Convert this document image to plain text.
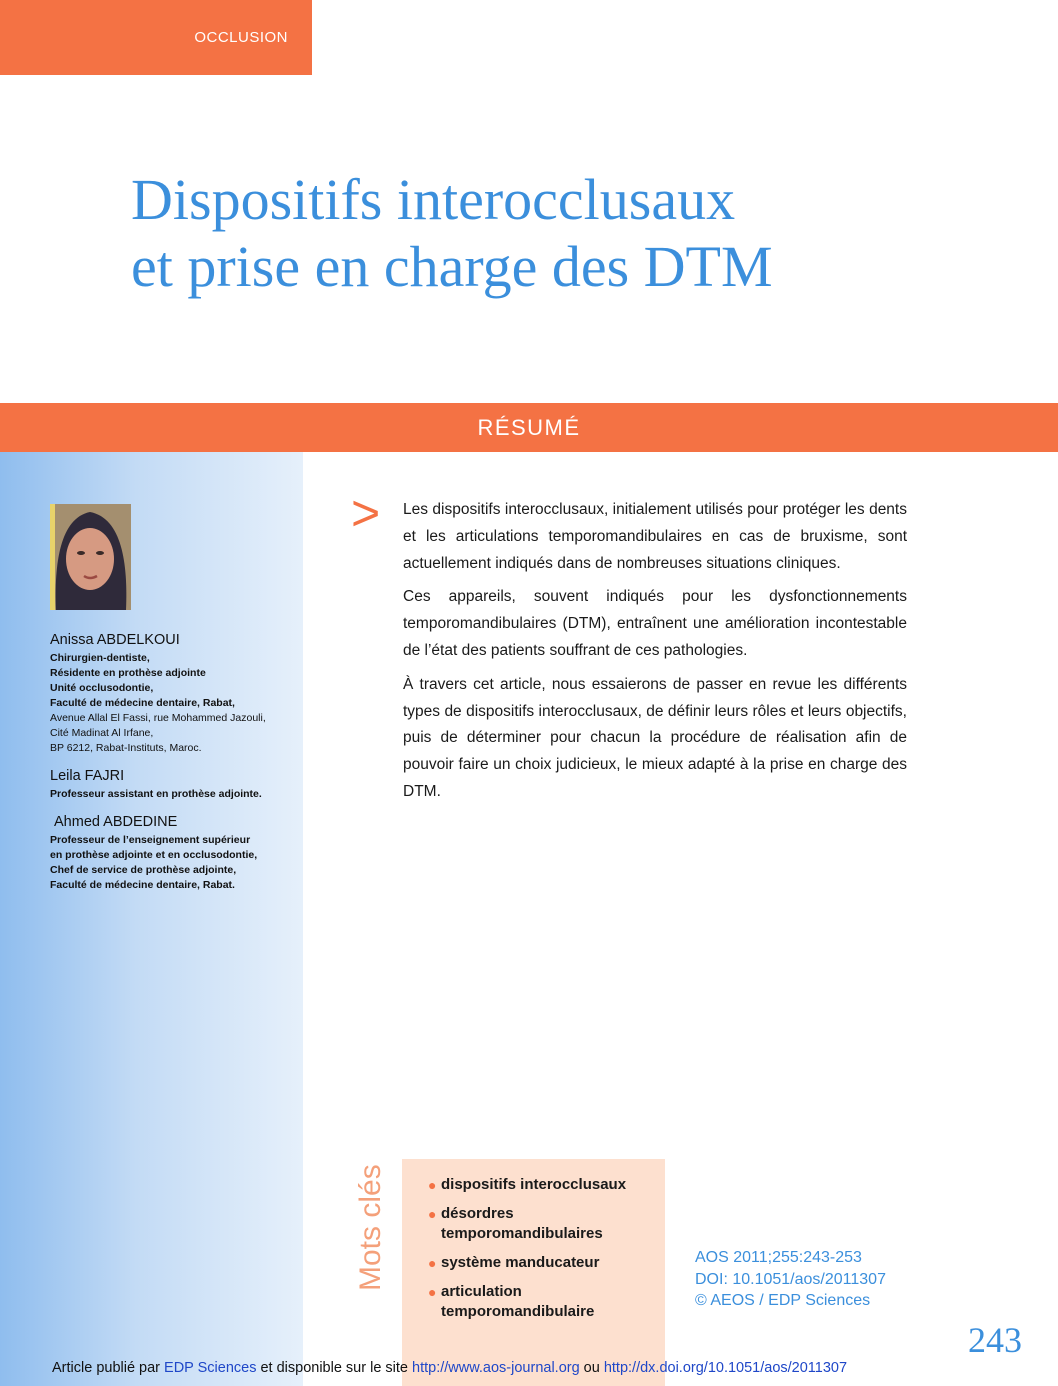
OCCLUSION
Dispositifs interocclusaux
et prise en charge des DTM
RÉSUMÉ
Anissa ABDELKOUI
Chirurgien-dentiste,
Résidente en prothèse adjointe
Unité occlusodontie,
Faculté de médecine dentaire, Rabat,
Avenue Allal El Fassi, rue Mohammed Jazouli,
Cité Madinat Al Irfane,
BP 6212, Rabat-Instituts, Maroc.
Leila FAJRI
Professeur assistant en prothèse adjointe.
Ahmed ABDEDINE
Professeur de l’enseignement supérieur
en prothèse adjointe et en occlusodontie,
Chef de service de prothèse adjointe,
Faculté de médecine dentaire, Rabat.
> Les dispositifs interocclusaux, initialement utilisés pour protéger les dents et les articulations temporomandibulaires en cas de bruxisme, sont actuellement indiqués dans de nombreuses situations cliniques.

Ces appareils, souvent indiqués pour les dysfonctionnements temporomandibulaires (DTM), entraînent une amélioration incontestable de l’état des patients souffrant de ces pathologies.

À travers cet article, nous essaierons de passer en revue les différents types de dispositifs interocclusaux, de définir leurs rôles et leurs objectifs, puis de déterminer pour chacun la procédure de réalisation afin de pouvoir faire un choix judicieux, le mieux adapté à la prise en charge des DTM.

Mots clés	● dispositifs interocclusaux
● désordres temporomandibulaires
● système manducateur
● articulation temporomandibulaire
AOS 2011;255:243-253
DOI: 10.1051/aos/2011307
© AEOS / EDP Sciences
243
Article publié par EDP Sciences et disponible sur le site http://www.aos-journal.org ou http://dx.doi.org/10.1051/aos/2011307
